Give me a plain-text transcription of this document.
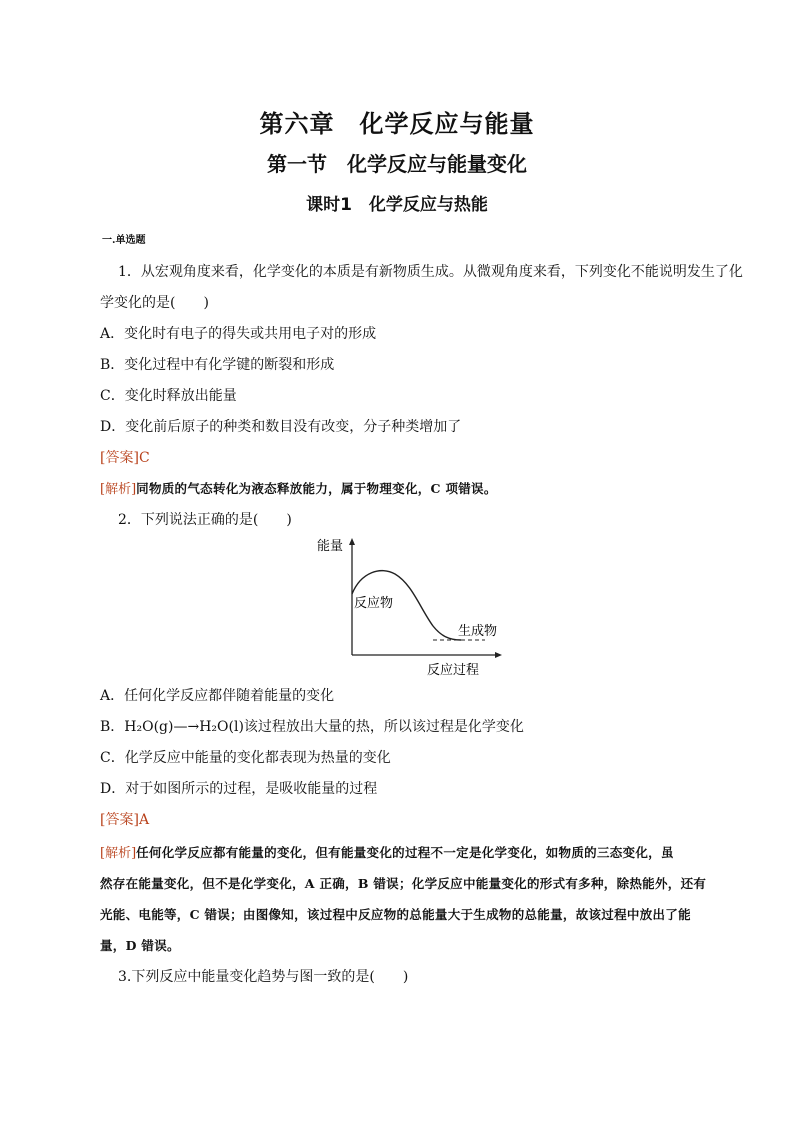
第六章　化学反应与能量
第一节　化学反应与能量变化
课时1　化学反应与热能
一.单选题
1．从宏观角度来看，化学变化的本质是有新物质生成。从微观角度来看，下列变化不能说明发生了化
学变化的是(　　)
A．变化时有电子的得失或共用电子对的形成
B．变化过程中有化学键的断裂和形成
C．变化时释放出能量
D．变化前后原子的种类和数目没有改变，分子种类增加了
[答案]C
[解析]同物质的气态转化为液态释放能力，属于物理变化，C 项错误。
2．下列说法正确的是(　　)
能量
反应物
生成物
反应过程
A．任何化学反应都伴随着能量的变化
B．H₂O(g)—→H₂O(l)该过程放出大量的热，所以该过程是化学变化
C．化学反应中能量的变化都表现为热量的变化
D．对于如图所示的过程，是吸收能量的过程
[答案]A
[解析]任何化学反应都有能量的变化，但有能量变化的过程不一定是化学变化，如物质的三态变化，虽
然存在能量变化，但不是化学变化，A 正确，B 错误；化学反应中能量变化的形式有多种，除热能外，还有
光能、电能等，C 错误；由图像知，该过程中反应物的总能量大于生成物的总能量，故该过程中放出了能
量，D 错误。
3.下列反应中能量变化趋势与图一致的是(　　)
